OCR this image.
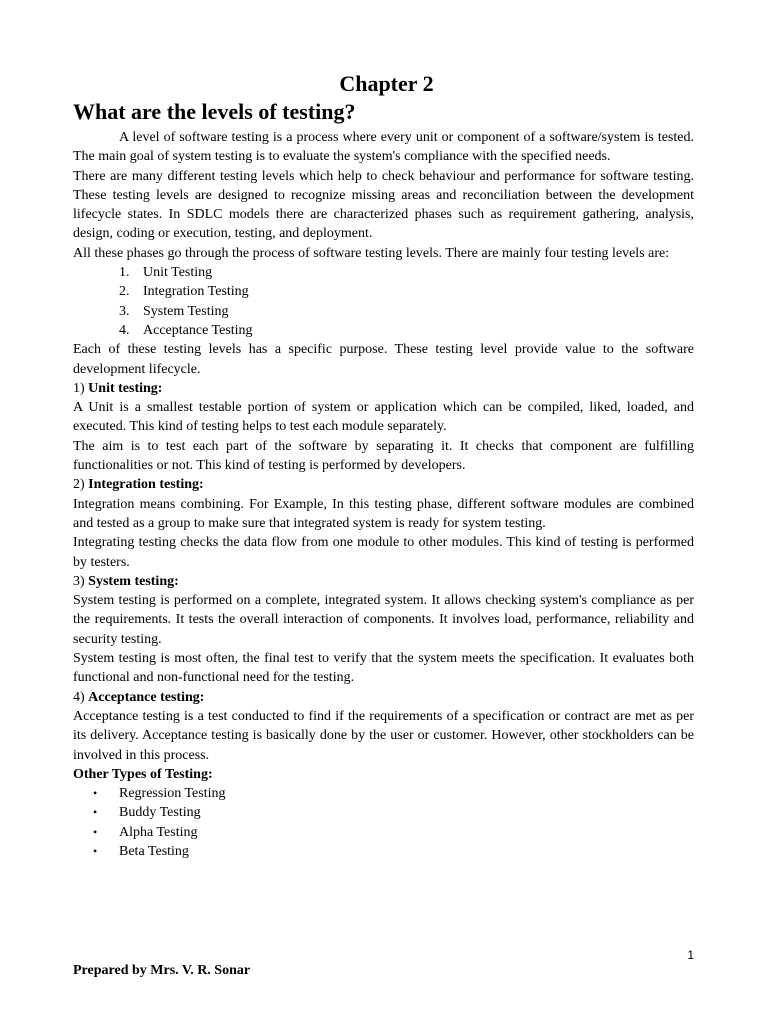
Chapter 2
What are the levels of testing?

A level of software testing is a process where every unit or component of a software/system is tested. The main goal of system testing is to evaluate the system's compliance with the specified needs.

There are many different testing levels which help to check behaviour and performance for software testing. These testing levels are designed to recognize missing areas and reconciliation between the development lifecycle states. In SDLC models there are characterized phases such as requirement gathering, analysis, design, coding or execution, testing, and deployment.

All these phases go through the process of software testing levels. There are mainly four testing levels are:

1. Unit Testing
2. Integration Testing
3. System Testing
4. Acceptance Testing

Each of these testing levels has a specific purpose. These testing level provide value to the software development lifecycle.

1) Unit testing:

A Unit is a smallest testable portion of system or application which can be compiled, liked, loaded, and executed. This kind of testing helps to test each module separately.

The aim is to test each part of the software by separating it. It checks that component are fulfilling functionalities or not. This kind of testing is performed by developers.

2) Integration testing:

Integration means combining. For Example, In this testing phase, different software modules are combined and tested as a group to make sure that integrated system is ready for system testing.

Integrating testing checks the data flow from one module to other modules. This kind of testing is performed by testers.

3) System testing:

System testing is performed on a complete, integrated system. It allows checking system's compliance as per the requirements. It tests the overall interaction of components. It involves load, performance, reliability and security testing.

System testing is most often, the final test to verify that the system meets the specification. It evaluates both functional and non-functional need for the testing.

4) Acceptance testing:

Acceptance testing is a test conducted to find if the requirements of a specification or contract are met as per its delivery. Acceptance testing is basically done by the user or customer. However, other stockholders can be involved in this process.

Other Types of Testing:
• Regression Testing
• Buddy Testing
• Alpha Testing
• Beta Testing
1
Prepared by Mrs. V. R. Sonar
